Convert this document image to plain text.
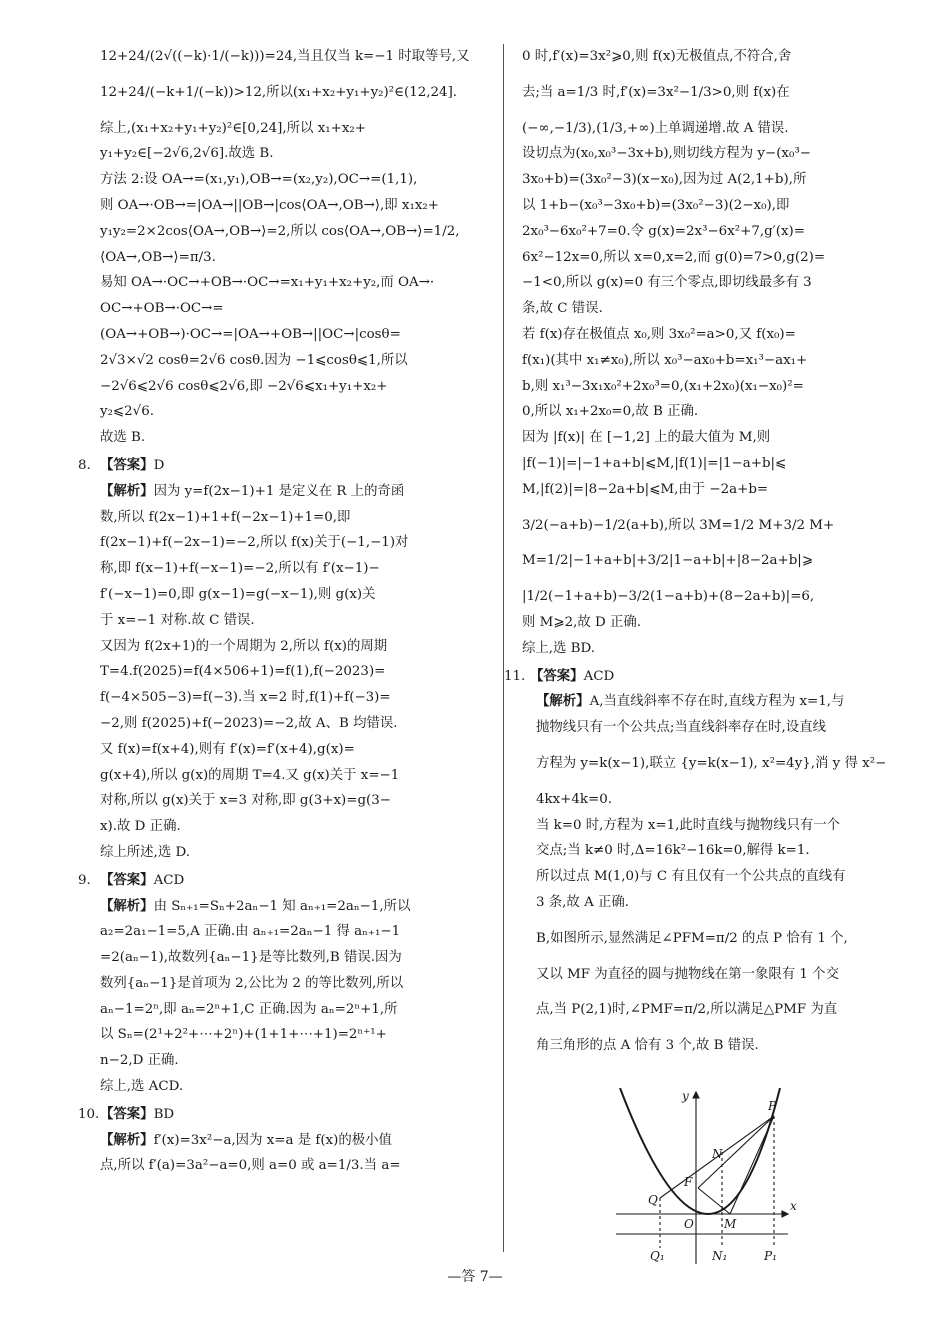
12+24/(2√((−k)·1/(−k)))=24,当且仅当 k=−1 时取等号,又

12+24/(−k+1/(−k))>12,所以(x₁+x₂+y₁+y₂)²∈(12,24].

综上,(x₁+x₂+y₁+y₂)²∈[0,24],所以 x₁+x₂+

y₁+y₂∈[−2√6,2√6].故选 B.

方法 2:设 OA→=(x₁,y₁),OB→=(x₂,y₂),OC→=(1,1),

则 OA→·OB→=|OA→||OB→|cos⟨OA→,OB→⟩,即 x₁x₂+

y₁y₂=2×2cos⟨OA→,OB→⟩=2,所以 cos⟨OA→,OB→⟩=1/2,

⟨OA→,OB→⟩=π/3.

易知 OA→·OC→+OB→·OC→=x₁+y₁+x₂+y₂,而 OA→·

OC→+OB→·OC→=(OA→+OB→)·OC→=|OA→+OB→||OC→|cosθ=

2√3×√2 cosθ=2√6 cosθ.因为 −1⩽cosθ⩽1,所以

−2√6⩽2√6 cosθ⩽2√6,即 −2√6⩽x₁+y₁+x₂+

y₂⩽2√6.

故选 B.

8. 【答案】D

【解析】因为 y=f(2x−1)+1 是定义在 R 上的奇函

数,所以 f(2x−1)+1+f(−2x−1)+1=0,即

f(2x−1)+f(−2x−1)=−2,所以 f(x)关于(−1,−1)对

称,即 f(x−1)+f(−x−1)=−2,所以有 f′(x−1)−

f′(−x−1)=0,即 g(x−1)=g(−x−1),则 g(x)关

于 x=−1 对称.故 C 错误.

又因为 f(2x+1)的一个周期为 2,所以 f(x)的周期

T=4.f(2025)=f(4×506+1)=f(1),f(−2023)=

f(−4×505−3)=f(−3).当 x=2 时,f(1)+f(−3)=

−2,则 f(2025)+f(−2023)=−2,故 A、B 均错误.

又 f(x)=f(x+4),则有 f′(x)=f′(x+4),g(x)=

g(x+4),所以 g(x)的周期 T=4.又 g(x)关于 x=−1

对称,所以 g(x)关于 x=3 对称,即 g(3+x)=g(3−

x).故 D 正确.

综上所述,选 D.

9. 【答案】ACD

【解析】由 Sₙ₊₁=Sₙ+2aₙ−1 知 aₙ₊₁=2aₙ−1,所以

a₂=2a₁−1=5,A 正确.由 aₙ₊₁=2aₙ−1 得 aₙ₊₁−1

=2(aₙ−1),故数列{aₙ−1}是等比数列,B 错误.因为

数列{aₙ−1}是首项为 2,公比为 2 的等比数列,所以

aₙ−1=2ⁿ,即 aₙ=2ⁿ+1,C 正确.因为 aₙ=2ⁿ+1,所

以 Sₙ=(2¹+2²+⋯+2ⁿ)+(1+1+⋯+1)=2ⁿ⁺¹+

n−2,D 正确.

综上,选 ACD.

10.【答案】BD

【解析】f′(x)=3x²−a,因为 x=a 是 f(x)的极小值

点,所以 f′(a)=3a²−a=0,则 a=0 或 a=1/3.当 a=

0 时,f′(x)=3x²⩾0,则 f(x)无极值点,不符合,舍

去;当 a=1/3 时,f′(x)=3x²−1/3>0,则 f(x)在

(−∞,−1/3),(1/3,+∞)上单调递增.故 A 错误.

设切点为(x₀,x₀³−3x+b),则切线方程为 y−(x₀³−

3x₀+b)=(3x₀²−3)(x−x₀),因为过 A(2,1+b),所

以 1+b−(x₀³−3x₀+b)=(3x₀²−3)(2−x₀),即

2x₀³−6x₀²+7=0.令 g(x)=2x³−6x²+7,g′(x)=

6x²−12x=0,所以 x=0,x=2,而 g(0)=7>0,g(2)=

−1<0,所以 g(x)=0 有三个零点,即切线最多有 3

条,故 C 错误.

若 f(x)存在极值点 x₀,则 3x₀²=a>0,又 f(x₀)=

f(x₁)(其中 x₁≠x₀),所以 x₀³−ax₀+b=x₁³−ax₁+

b,则 x₁³−3x₁x₀²+2x₀³=0,(x₁+2x₀)(x₁−x₀)²=

0,所以 x₁+2x₀=0,故 B 正确.

因为 |f(x)| 在 [−1,2] 上的最大值为 M,则

|f(−1)|=|−1+a+b|⩽M,|f(1)|=|1−a+b|⩽

M,|f(2)|=|8−2a+b|⩽M,由于 −2a+b=

3/2(−a+b)−1/2(a+b),所以 3M=1/2 M+3/2 M+

M=1/2|−1+a+b|+3/2|1−a+b|+|8−2a+b|⩾

|1/2(−1+a+b)−3/2(1−a+b)+(8−2a+b)|=6,

则 M⩾2,故 D 正确.

综上,选 BD.

11. 【答案】ACD

【解析】A,当直线斜率不存在时,直线方程为 x=1,与

抛物线只有一个公共点;当直线斜率存在时,设直线

方程为 y=k(x−1),联立 {y=k(x−1), x²=4y},消 y 得 x²−

4kx+4k=0.

当 k=0 时,方程为 x=1,此时直线与抛物线只有一个

交点;当 k≠0 时,Δ=16k²−16k=0,解得 k=1.

所以过点 M(1,0)与 C 有且仅有一个公共点的直线有

3 条,故 A 正确.

B,如图所示,显然满足∠PFM=π/2 的点 P 恰有 1 个,

又以 MF 为直径的圆与抛物线在第一象限有 1 个交

点,当 P(2,1)时,∠PMF=π/2,所以满足△PMF 为直

角三角形的点 A 恰有 3 个,故 B 错误.

y
x
O
F
Q
N
M
P
Q₁	N₁	P₁
—答 7—
